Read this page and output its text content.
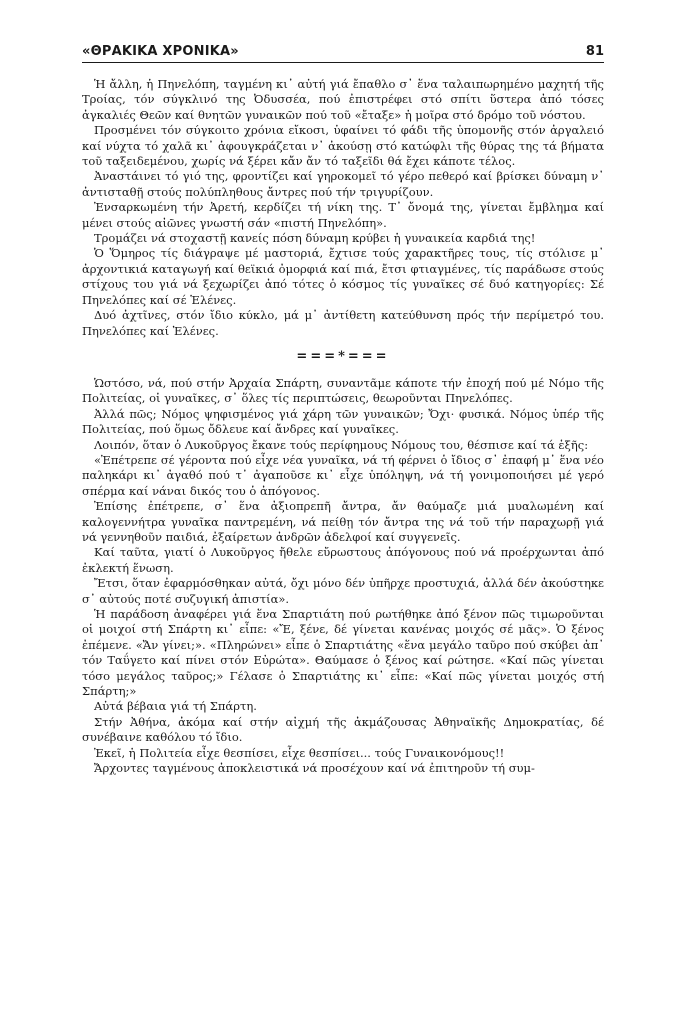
«ΘΡΑΚΙΚΑ ΧΡΟΝΙΚΑ»	81

Ἡ ἄλλη, ἡ Πηνελόπη, ταγμένη κι᾽ αὐτή γιά ἔπαθλο σ᾽ ἕνα ταλαιπωρημένο μαχητή τῆς Τροίας, τόν σύγκλινό της Ὀδυσσέα, πού ἐπιστρέφει στό σπίτι ὕστερα ἀπό τόσες ἀγκαλιές Θεῶν καί θνητῶν γυναικῶν πού τοῦ «ἔταξε» ἡ μοῖρα στό δρόμο τοῦ νόστου.

Προσμένει τόν σύγκοιτο χρόνια εἴκοσι, ὑφαίνει τό φάδι τῆς ὑπομονῆς στόν ἀργαλειό καί νύχτα τό χαλᾶ κι᾽ ἀφουγκράζεται ν᾽ ἀκούσῃ στό κατώφλι τῆς θύρας της τά βήματα τοῦ ταξειδεμένου, χωρίς νά ξέρει κἄν ἄν τό ταξεῖδι θά ἔχει κάποτε τέλος.

Ἀναστάινει τό γιό της, φροντίζει καί γηροκομεῖ τό γέρο πεθερό καί βρίσκει δύναμη ν᾽ ἀντισταθῇ στούς πολύπληθους ἄντρες πού τήν τριγυρίζουν.

Ἐνσαρκωμένη τήν Ἀρετή, κερδίζει τή νίκη της. Τ᾽ ὄνομά της, γίνεται ἔμβλημα καί μένει στούς αἰῶνες γνωστή σάν «πιστή Πηνελόπη».

Τρομάζει νά στοχαστῇ κανείς πόση δύναμη κρύβει ἡ γυναικεία καρδιά της!

Ὁ Ὅμηρος τίς διάγραψε μέ μαστοριά, ἔχτισε τούς χαρακτῆρες τους, τίς στόλισε μ᾽ ἀρχοντικιά καταγωγή καί θεϊκιά ὀμορφιά καί πιά, ἔτσι φτιαγμένες, τίς παράδωσε στούς στίχους του γιά νά ξεχωρίζει ἀπό τότες ὁ κόσμος τίς γυναῖκες σέ δυό κατηγορίες: Σέ Πηνελόπες καί σέ Ἑλένες.

Δυό ἀχτῖνες, στόν ἴδιο κύκλο, μά μ᾽ ἀντίθετη κατεύθυνση πρός τήν περίμετρό του. Πηνελόπες καί Ἑλένες.

===*===

Ὡστόσο, νά, πού στήν Ἀρχαία Σπάρτη, συναντᾶμε κάποτε τήν ἐποχή πού μέ Νόμο τῆς Πολιτείας, οἱ γυναῖκες, σ᾽ ὅλες τίς περιπτώσεις, θεωροῦνται Πηνελόπες.

Ἀλλά πῶς; Νόμος ψηφισμένος γιά χάρη τῶν γυναικῶν; Ὄχι· φυσικά. Νόμος ὑπέρ τῆς Πολιτείας, πού ὅμως ὄδλευε καί ἄνδρες καί γυναῖκες.

Λοιπόν, ὅταν ὁ Λυκοῦργος ἔκανε τούς περίφημους Νόμους του, θέσπισε καί τά ἑξῆς:

«Ἐπέτρεπε σέ γέροντα πού εἶχε νέα γυναῖκα, νά τή φέρνει ὁ ἴδιος σ᾽ ἐπαφή μ᾽ ἕνα νέο παληκάρι κι᾽ ἀγαθό πού τ᾽ ἀγαποῦσε κι᾽ εἶχε ὑπόληψη, νά τή γονιμοποιήσει μέ γερό σπέρμα καί νάναι δικός του ὁ ἀπόγονος.

Ἐπίσης ἐπέτρεπε, σ᾽ ἕνα ἀξιοπρεπῆ ἄντρα, ἄν θαύμαζε μιά μυαλωμένη καί καλογεννήτρα γυναῖκα παντρεμένη, νά πείθῃ τόν ἄντρα της νά τοῦ τήν παραχωρῇ γιά νά γεννηθοῦν παιδιά, ἐξαίρετων ἀνδρῶν ἀδελφοί καί συγγενεῖς.

Καί ταῦτα, γιατί ὁ Λυκοῦργος ἤθελε εὔρωστους ἀπόγονους πού νά προέρχωνται ἀπό ἐκλεκτή ἕνωση.

Ἔτσι, ὅταν ἐφαρμόσθηκαν αὐτά, ὄχι μόνο δέν ὑπῆρχε προστυχιά, ἀλλά δέν ἀκούστηκε σ᾽ αὐτούς ποτέ συζυγική ἀπιστία».

Ἡ παράδοση ἀναφέρει γιά ἕνα Σπαρτιάτη πού ρωτήθηκε ἀπό ξένον πῶς τιμωροῦνται οἱ μοιχοί στή Σπάρτη κι᾽ εἶπε: «Ἔ, ξένε, δέ γίνεται κανένας μοιχός σέ μᾶς». Ὁ ξένος ἐπέμενε. «Ἄν γίνει;». «Πληρώνει» εἶπε ὁ Σπαρτιάτης «ἕνα μεγάλο ταῦρο πού σκύβει ἀπ᾽ τόν Ταΰγετο καί πίνει στόν Εὐρώτα». Θαύμασε ὁ ξένος καί ρώτησε. «Καί πῶς γίνεται τόσο μεγάλος ταῦρος;» Γέλασε ὁ Σπαρτιάτης κι᾽ εἶπε: «Καί πῶς γίνεται μοιχός στή Σπάρτη;»

Αὐτά βέβαια γιά τή Σπάρτη.

Στήν Ἀθήνα, ἀκόμα καί στήν αἰχμή τῆς ἀκμάζουσας Ἀθηναϊκῆς Δημοκρατίας, δέ συνέβαινε καθόλου τό ἴδιο.

Ἐκεῖ, ἡ Πολιτεία εἶχε θεσπίσει, εἶχε θεσπίσει... τούς Γυναικονόμους!!

Ἄρχοντες ταγμένους ἀποκλειστικά νά προσέχουν καί νά ἐπιτηροῦν τή συμ-
